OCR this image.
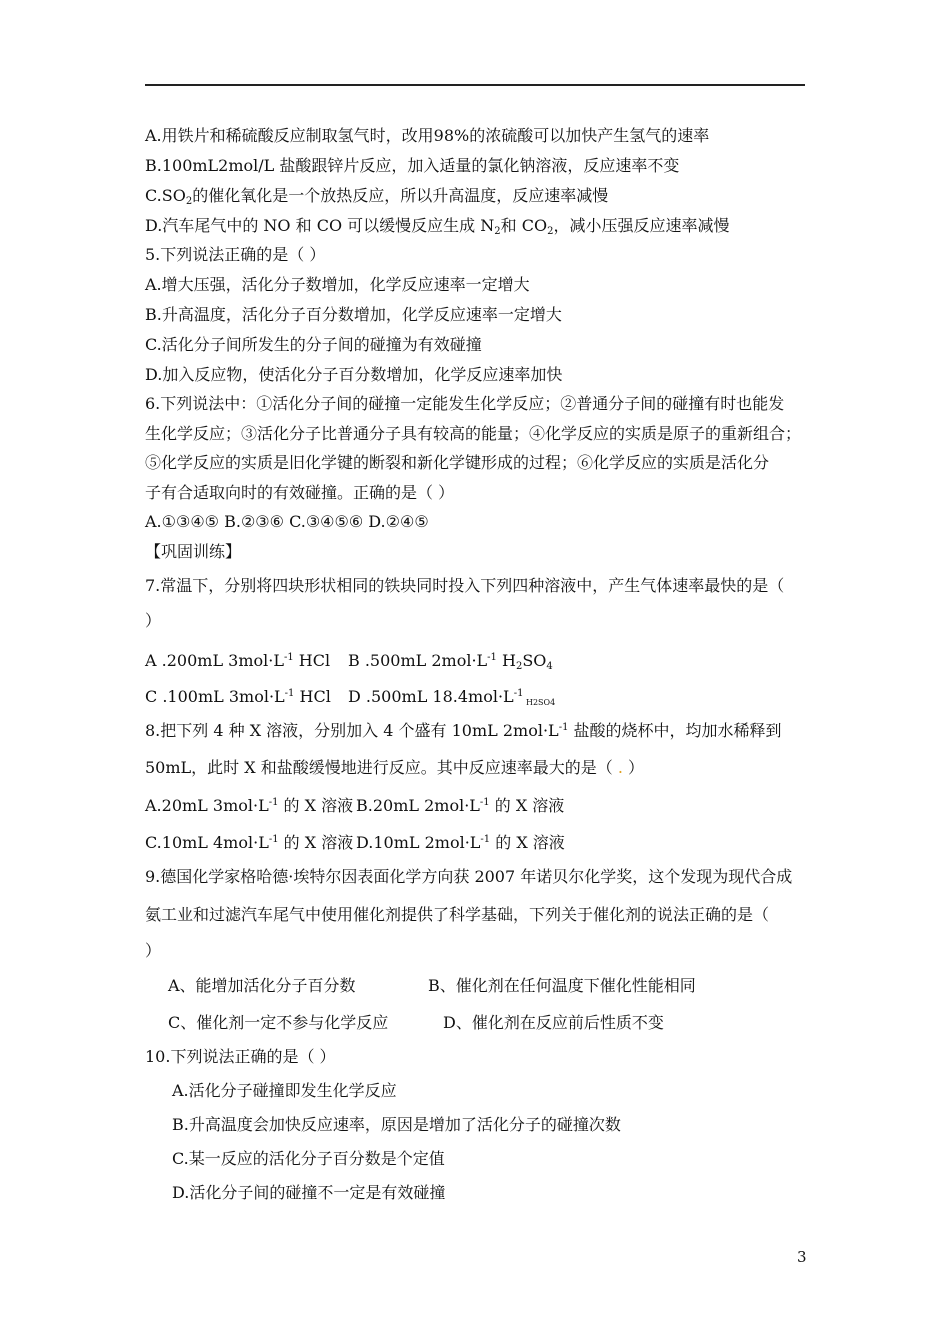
A.用铁片和稀硫酸反应制取氢气时，改用98%的浓硫酸可以加快产生氢气的速率
B.100mL2mol/L 盐酸跟锌片反应，加入适量的氯化钠溶液，反应速率不变
$C.SO_2$的催化氧化是一个放热反应，所以升高温度，反应速率减慢
D.汽车尾气中的 NO 和 CO 可以缓慢反应生成 $N_2$和 $CO_2$，减小压强反应速率减慢
5.下列说法正确的是（ ）
A.增大压强，活化分子数增加，化学反应速率一定增大
B.升高温度，活化分子百分数增加，化学反应速率一定增大
C.活化分子间所发生的分子间的碰撞为有效碰撞
D.加入反应物，使活化分子百分数增加，化学反应速率加快
6.下列说法中：①活化分子间的碰撞一定能发生化学反应；②普通分子间的碰撞有时也能发
生化学反应；③活化分子比普通分子具有较高的能量；④化学反应的实质是原子的重新组合；
⑤化学反应的实质是旧化学键的断裂和新化学键形成的过程；⑥化学反应的实质是活化分
子有合适取向时的有效碰撞。正确的是（ ）
A.①③④⑤ B.②③⑥ C.③④⑤⑥ D.②④⑤
【巩固训练】
7.常温下，分别将四块形状相同的铁块同时投入下列四种溶液中，产生气体速率最快的是（
）
A .200mL $3mol\cdot L^{-1}$ HCl B .500mL $2mol\cdot L^{-1}$ $H_2SO_4$
C .100mL $3mol\cdot L^{-1}$ HCl D .500mL $18.4mol\cdot L^{-1}$ H2SO4
8.把下列 4 种 X 溶液，分别加入 4 个盛有 10mL $2mol\cdot L^{-1}$ 盐酸的烧杯中，均加水稀释到
50mL，此时 X 和盐酸缓慢地进行反应。其中反应速率最大的是（ . ）
A.20mL $3mol\cdot L^{-1}$ 的 X 溶液 B.20mL $2mol\cdot L^{-1}$ 的 X 溶液
C.10mL $4mol\cdot L^{-1}$ 的 X 溶液 D.10mL $2mol\cdot L^{-1}$ 的 X 溶液
9.德国化学家格哈德·埃特尔因表面化学方向获 2007 年诺贝尔化学奖，这个发现为现代合成
氨工业和过滤汽车尾气中使用催化剂提供了科学基础，下列关于催化剂的说法正确的是（
）
A、能增加活化分子百分数	B、催化剂在任何温度下催化性能相同
C、催化剂一定不参与化学反应	D、催化剂在反应前后性质不变
10.下列说法正确的是（ ）
A.活化分子碰撞即发生化学反应
B.升高温度会加快反应速率，原因是增加了活化分子的碰撞次数
C.某一反应的活化分子百分数是个定值
D.活化分子间的碰撞不一定是有效碰撞
3
